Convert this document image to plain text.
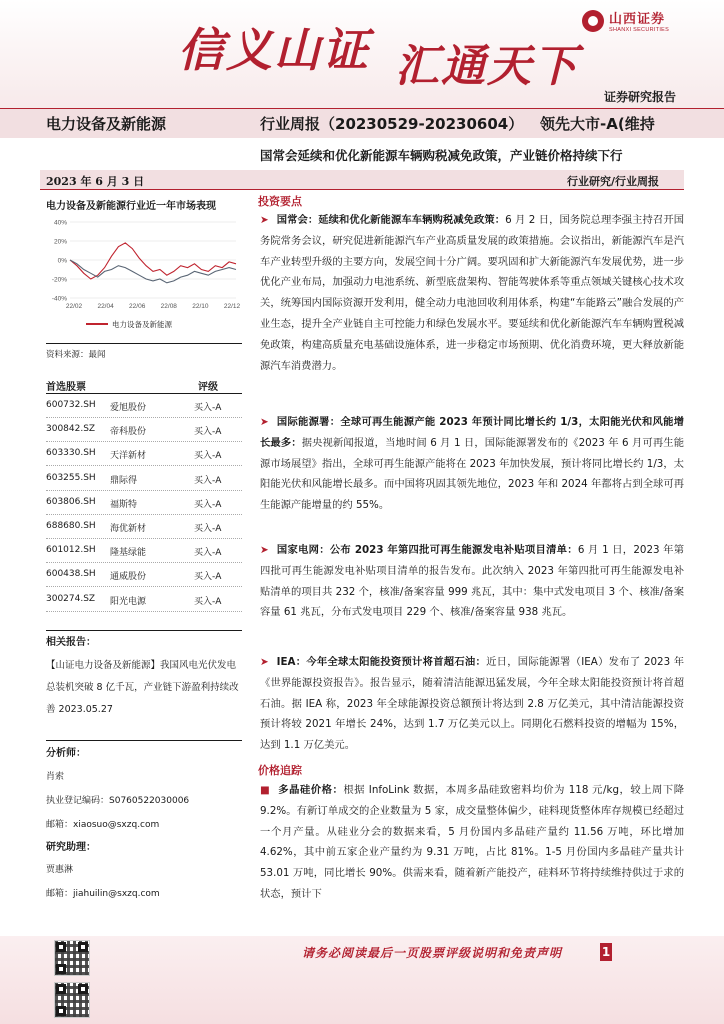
信义山证 汇通天下
山西证券
SHANXI SECURITIES
证券研究报告
电力设备及新能源	行业周报（20230529-20230604） 领先大市-A(维持
国常会延续和优化新能源车辆购税减免政策，产业链价格持续下行
2023 年 6 月 3 日	行业研究/行业周报
电力设备及新能源行业近一年市场表现
40%
20%
0%
-20%
-40%
22/02 22/04 22/06 22/08 22/10 22/12
电力设备及新能源
资料来源：最闻
首选股票	评级
600732.SH 爱旭股份	买入-A
300842.SZ 帝科股份	买入-A
603330.SH 天洋新材	买入-A
603255.SH 鼎际得	买入-A
603806.SH 福斯特	买入-A
688680.SH 海优新材	买入-A
601012.SH 隆基绿能	买入-A
600438.SH 通威股份	买入-A
300274.SZ 阳光电源	买入-A
相关报告：
【山证电力设备及新能源】我国风电光伏发电总装机突破 8 亿千瓦，产业链下游盈利持续改善 2023.05.27
分析师：
肖索
执业登记编码：S0760522030006
邮箱：xiaosuo@sxzq.com
研究助理：
贾惠淋
邮箱：jiahuilin@sxzq.com
投资要点
➤ 国常会：延续和优化新能源车车辆购税减免政策：6 月 2 日，国务院总理李强主持召开国务院常务会议，研究促进新能源汽车产业高质量发展的政策措施。会议指出，新能源汽车是汽车产业转型升级的主要方向，发展空间十分广阔。要巩固和扩大新能源汽车发展优势，进一步优化产业布局，加强动力电池系统、新型底盘架构、智能驾驶体系等重点领域关键核心技术攻关，统筹国内国际资源开发利用，健全动力电池回收利用体系，构建“车能路云”融合发展的产业生态，提升全产业链自主可控能力和绿色发展水平。要延续和优化新能源汽车车辆购置税减免政策，构建高质量充电基础设施体系，进一步稳定市场预期、优化消费环境，更大释放新能源汽车消费潜力。
➤ 国际能源署：全球可再生能源产能 2023 年预计同比增长约 1/3，太阳能光伏和风能增长最多：据央视新闻报道，当地时间 6 月 1 日，国际能源署发布的《2023 年 6 月可再生能源市场展望》指出，全球可再生能源产能将在 2023 年加快发展，预计将同比增长约 1/3，太阳能光伏和风能增长最多。而中国将巩固其领先地位，2023 年和 2024 年都将占到全球可再生能源产能增量的约 55%。
➤ 国家电网：公布 2023 年第四批可再生能源发电补贴项目清单：6 月 1 日，2023 年第四批可再生能源发电补贴项目清单的报告发布。此次纳入 2023 年第四批可再生能源发电补贴清单的项目共 232 个，核准/备案容量 999 兆瓦，其中：集中式发电项目 3 个、核准/备案容量 61 兆瓦，分布式发电项目 229 个、核准/备案容量 938 兆瓦。
➤ IEA：今年全球太阳能投资预计将首超石油：近日，国际能源署（IEA）发布了 2023 年《世界能源投资报告》。报告显示，随着清洁能源迅猛发展，今年全球太阳能投资预计将首超石油。据 IEA 称，2023 年全球能源投资总额预计将达到 2.8 万亿美元，其中清洁能源投资预计将较 2021 年增长 24%，达到 1.7 万亿美元以上。同期化石燃料投资的增幅为 15%，达到 1.1 万亿美元。
价格追踪
■ 多晶硅价格：根据 InfoLink 数据，本周多晶硅致密料均价为 118 元/kg，较上周下降 9.2%。有新订单成交的企业数量为 5 家，成交量整体偏少，硅料现货整体库存规模已经超过一个月产量。从硅业分会的数据来看，5 月份国内多晶硅产量约 11.56 万吨，环比增加 4.62%，其中前五家企业产量约为 9.31 万吨，占比 81%。1-5 月份国内多晶硅产量共计 53.01 万吨，同比增长 90%。供需来看，随着新产能投产，硅料环节将持续维持供过于求的状态，预计下
请务必阅读最后一页股票评级说明和免责声明	1
